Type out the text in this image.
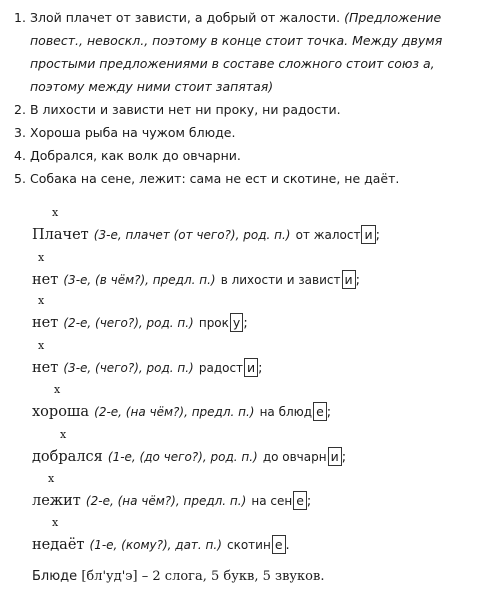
1. Злой плачет от зависти, а добрый от жалости. (Предложение повест., невоскл., поэтому в конце стоит точка. Между двумя простыми предложениями в составе сложного стоит союз а, поэтому между ними стоит запятая)
2. В лихости и зависти нет ни проку, ни радости.
3. Хороша рыба на чужом блюде.
4. Добрался, как волк до овчарни.
5. Собака на сене, лежит: сама не ест и скотине, не даёт.
x
Плачет (3-е, плачет (от чего?), род. п.) от жалост и ;
x
нет (3-е, (в чём?), предл. п.) в лихости и завист и ;
x
нет (2-е, (чего?), род. п.) прок у ;
x
нет (3-е, (чего?), род. п.) радост и ;
x
хороша (2-е, (на чём?), предл. п.) на блюд е ;
x
добрался (1-е, (до чего?), род. п.) до овчарн и ;
x
лежит (2-е, (на чём?), предл. п.) на сен е ;
x
недаёт (1-е, (кому?), дат. п.) скотин е .
Блюде [бл'уд'э] – 2 слога, 5 букв, 5 звуков.
